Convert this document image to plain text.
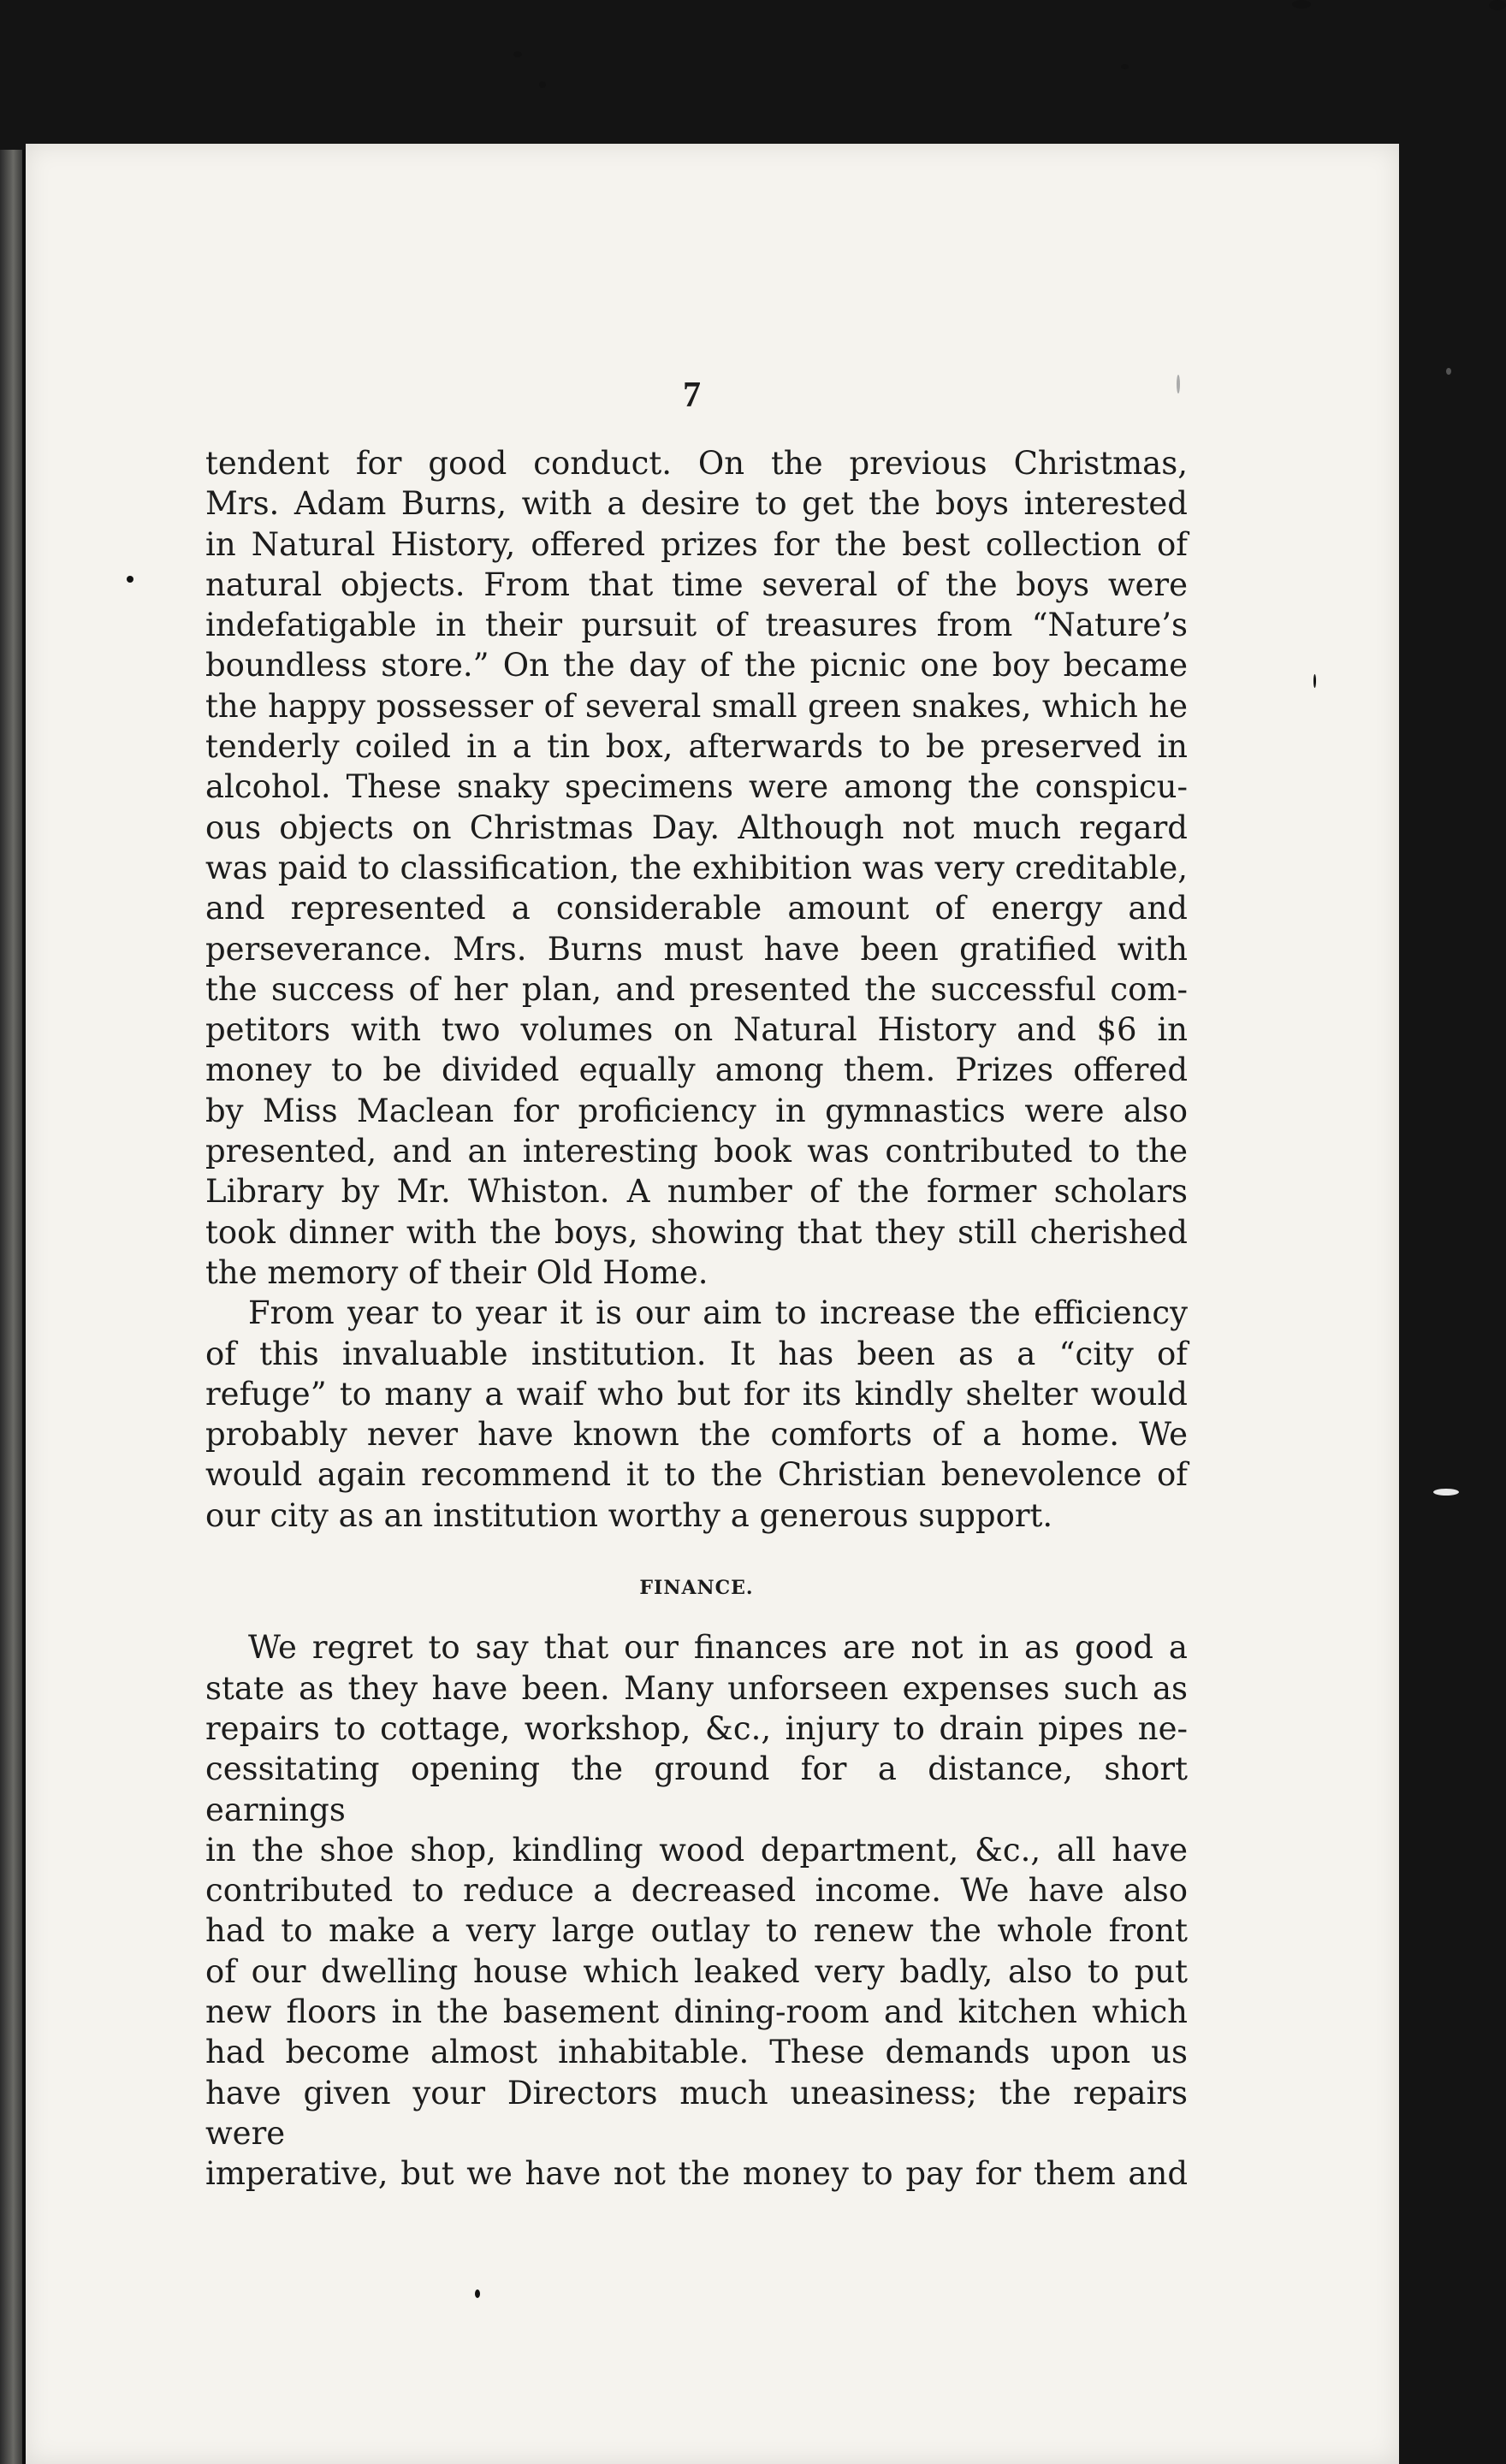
7

tendent for good conduct. On the previous Christmas,

Mrs. Adam Burns, with a desire to get the boys interested

in Natural History, offered prizes for the best collection of

natural objects. From that time several of the boys were

indefatigable in their pursuit of treasures from “Nature’s

boundless store.” On the day of the picnic one boy became

the happy possesser of several small green snakes, which he

tenderly coiled in a tin box, afterwards to be preserved in

alcohol. These snaky specimens were among the conspicu-

ous objects on Christmas Day. Although not much regard

was paid to classification, the exhibition was very creditable,

and represented a considerable amount of energy and

perseverance. Mrs. Burns must have been gratified with

the success of her plan, and presented the successful com-

petitors with two volumes on Natural History and $6 in

money to be divided equally among them. Prizes offered

by Miss Maclean for proficiency in gymnastics were also

presented, and an interesting book was contributed to the

Library by Mr. Whiston. A number of the former scholars

took dinner with the boys, showing that they still cherished

the memory of their Old Home.

From year to year it is our aim to increase the efficiency

of this invaluable institution. It has been as a “city of

refuge” to many a waif who but for its kindly shelter would

probably never have known the comforts of a home. We

would again recommend it to the Christian benevolence of

our city as an institution worthy a generous support.

FINANCE.

We regret to say that our finances are not in as good a

state as they have been. Many unforseen expenses such as

repairs to cottage, workshop, &c., injury to drain pipes ne-

cessitating opening the ground for a distance, short earnings

in the shoe shop, kindling wood department, &c., all have

contributed to reduce a decreased income. We have also

had to make a very large outlay to renew the whole front

of our dwelling house which leaked very badly, also to put

new floors in the basement dining-room and kitchen which

had become almost inhabitable. These demands upon us

have given your Directors much uneasiness; the repairs were

imperative, but we have not the money to pay for them and
